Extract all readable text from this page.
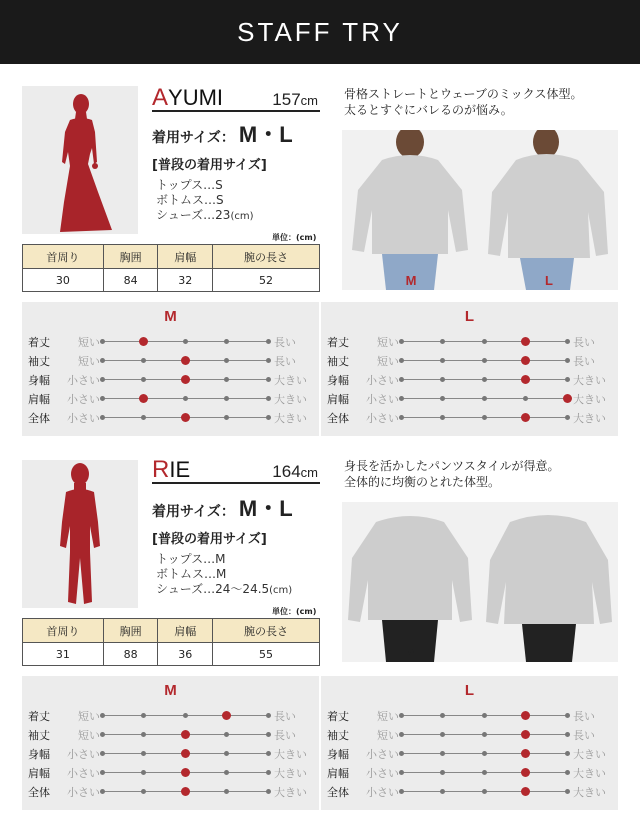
STAFF TRY
A YUMI	157cm
着用サイズ： M・L
[普段の着用サイズ]
トップス…S
ボトムス…S
シューズ…23(cm)
単位：(cm)
首周り	胸囲	肩幅	腕の長さ
30	84	32	52
骨格ストレートとウェーブのミックス体型。
太るとすぐにバレるのが悩み。
M	L
M
着丈	短い	長い
袖丈	短い	長い
身幅	小さい	大きい
肩幅	小さい	大きい
全体	小さい	大きい
L
着丈	短い	長い
袖丈	短い	長い
身幅	小さい	大きい
肩幅	小さい	大きい
全体	小さい	大きい
R IE	164cm
着用サイズ： M・L
[普段の着用サイズ]
トップス…M
ボトムス…M
シューズ…24～24.5(cm)
単位：(cm)
首周り	胸囲	肩幅	腕の長さ
31	88	36	55
身長を活かしたパンツスタイルが得意。
全体的に均衡のとれた体型。
M	L
M
着丈	短い	長い
袖丈	短い	長い
身幅	小さい	大きい
肩幅	小さい	大きい
全体	小さい	大きい
L
着丈	短い	長い
袖丈	短い	長い
身幅	小さい	大きい
肩幅	小さい	大きい
全体	小さい	大きい
